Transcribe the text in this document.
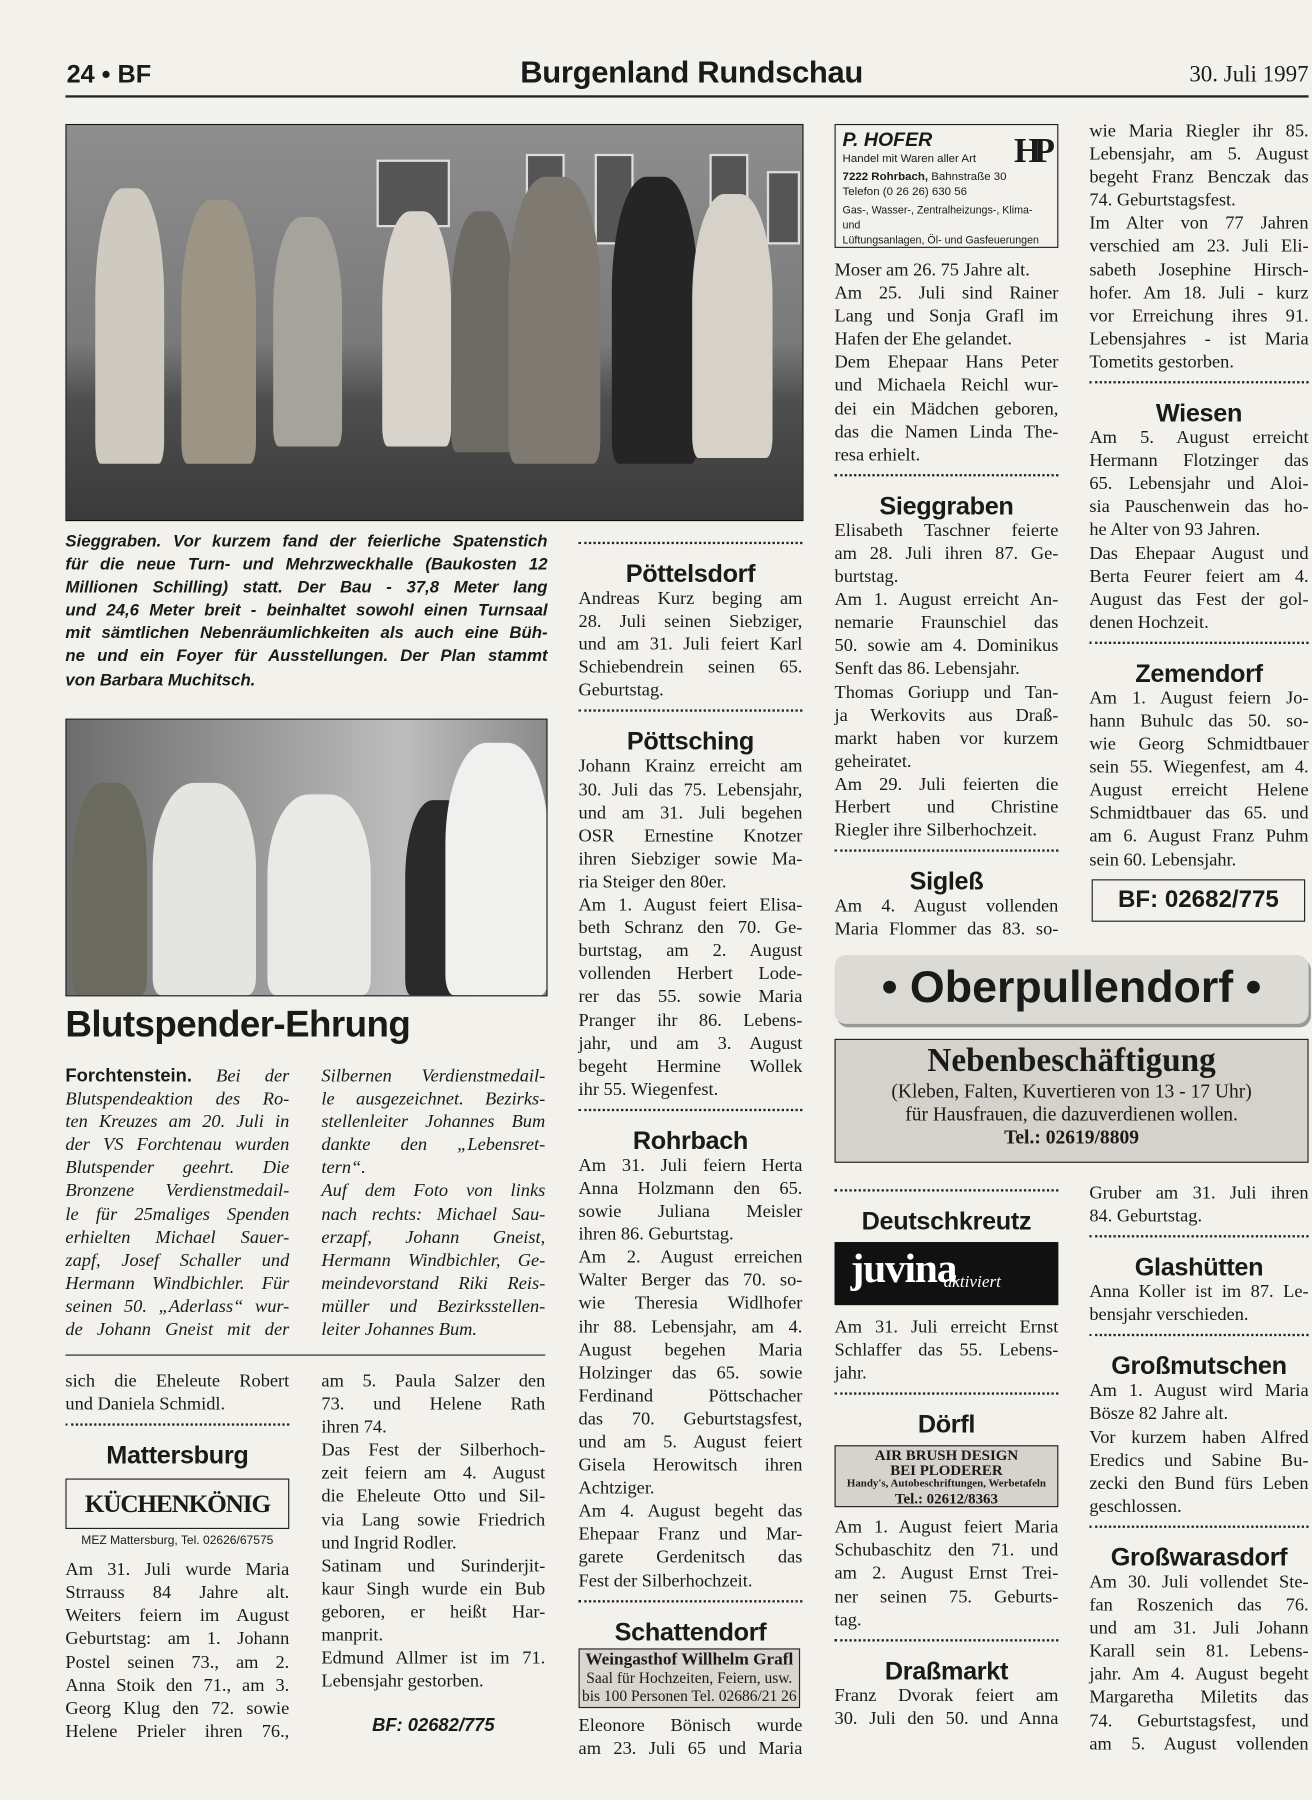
24 • BF	Burgenland Rundschau	30. Juli 1997
Sieggraben. Vor kurzem fand der feierliche Spatenstich
für die neue Turn- und Mehrzweckhalle (Baukosten 12
Millionen Schilling) statt. Der Bau - 37,8 Meter lang
und 24,6 Meter breit - beinhaltet sowohl einen Turnsaal
mit sämtlichen Nebenräumlichkeiten als auch eine Büh-
ne und ein Foyer für Ausstellungen. Der Plan stammt
von Barbara Muchitsch.
Blutspender-Ehrung
Forchtenstein. Bei der
Blutspendeaktion des Ro-
ten Kreuzes am 20. Juli in
der VS Forchtenau wurden
Blutspender geehrt. Die
Bronzene Verdienstmedail-
le für 25maliges Spenden
erhielten Michael Sauer-
zapf, Josef Schaller und
Hermann Windbichler. Für
seinen 50. „Aderlass“ wur-
de Johann Gneist mit der
Silbernen Verdienstmedail-
le ausgezeichnet. Bezirks-
stellenleiter Johannes Bum
dankte den „Lebensret-
tern“.
Auf dem Foto von links
nach rechts: Michael Sau-
erzapf, Johann Gneist,
Hermann Windbichler, Ge-
meindevorstand Riki Reis-
müller und Bezirksstellen-
leiter Johannes Bum.
sich die Eheleute Robert
und Daniela Schmidl.
Mattersburg
KÜCHENKÖNIG
MEZ Mattersburg, Tel. 02626/67575
Am 31. Juli wurde Maria
Strrauss 84 Jahre alt.
Weiters feiern im August
Geburtstag: am 1. Johann
Postel seinen 73., am 2.
Anna Stoik den 71., am 3.
Georg Klug den 72. sowie
Helene Prieler ihren 76.,
am 5. Paula Salzer den
73. und Helene Rath
ihren 74.
Das Fest der Silberhoch-
zeit feiern am 4. August
die Eheleute Otto und Sil-
via Lang sowie Friedrich
und Ingrid Rodler.
Satinam und Surinderjit-
kaur Singh wurde ein Bub
geboren, er heißt Har-
manprit.
Edmund Allmer ist im 71.
Lebensjahr gestorben.
BF: 02682/775
Pöttelsdorf
Andreas Kurz beging am
28. Juli seinen Siebziger,
und am 31. Juli feiert Karl
Schiebendrein seinen 65.
Geburtstag.
Pöttsching
Johann Krainz erreicht am
30. Juli das 75. Lebensjahr,
und am 31. Juli begehen
OSR Ernestine Knotzer
ihren Siebziger sowie Ma-
ria Steiger den 80er.
Am 1. August feiert Elisa-
beth Schranz den 70. Ge-
burtstag, am 2. August
vollenden Herbert Lode-
rer das 55. sowie Maria
Pranger ihr 86. Lebens-
jahr, und am 3. August
begeht Hermine Wollek
ihr 55. Wiegenfest.
Rohrbach
Am 31. Juli feiern Herta
Anna Holzmann den 65.
sowie Juliana Meisler
ihren 86. Geburtstag.
Am 2. August erreichen
Walter Berger das 70. so-
wie Theresia Widlhofer
ihr 88. Lebensjahr, am 4.
August begehen Maria
Holzinger das 65. sowie
Ferdinand Pöttschacher
das 70. Geburtstagsfest,
und am 5. August feiert
Gisela Herowitsch ihren
Achtziger.
Am 4. August begeht das
Ehepaar Franz und Mar-
garete Gerdenitsch das
Fest der Silberhochzeit.
Schattendorf
Weingasthof Willhelm Grafl
Saal für Hochzeiten, Feiern, usw.
bis 100 Personen Tel. 02686/21 26
Eleonore Bönisch wurde
am 23. Juli 65 und Maria
P. HOFER	HP
Handel mit Waren aller Art
7222 Rohrbach, Bahnstraße 30
Telefon (0 26 26) 630 56
Gas-, Wasser-, Zentralheizungs-, Klima- und
Lüftungsanlagen, Öl- und Gasfeuerungen
Moser am 26. 75 Jahre alt.
Am 25. Juli sind Rainer
Lang und Sonja Grafl im
Hafen der Ehe gelandet.
Dem Ehepaar Hans Peter
und Michaela Reichl wur-
dei ein Mädchen geboren,
das die Namen Linda The-
resa erhielt.
Sieggraben
Elisabeth Taschner feierte
am 28. Juli ihren 87. Ge-
burtstag.
Am 1. August erreicht An-
nemarie Fraunschiel das
50. sowie am 4. Dominikus
Senft das 86. Lebensjahr.
Thomas Goriupp und Tan-
ja Werkovits aus Draß-
markt haben vor kurzem
geheiratet.
Am 29. Juli feierten die
Herbert und Christine
Riegler ihre Silberhochzeit.
Sigleß
Am 4. August vollenden
Maria Flommer das 83. so-
wie Maria Riegler ihr 85.
Lebensjahr, am 5. August
begeht Franz Benczak das
74. Geburtstagsfest.
Im Alter von 77 Jahren
verschied am 23. Juli Eli-
sabeth Josephine Hirsch-
hofer. Am 18. Juli - kurz
vor Erreichung ihres 91.
Lebensjahres - ist Maria
Tometits gestorben.
Wiesen
Am 5. August erreicht
Hermann Flotzinger das
65. Lebensjahr und Aloi-
sia Pauschenwein das ho-
he Alter von 93 Jahren.
Das Ehepaar August und
Berta Feurer feiert am 4.
August das Fest der gol-
denen Hochzeit.
Zemendorf
Am 1. August feiern Jo-
hann Buhulc das 50. so-
wie Georg Schmidtbauer
sein 55. Wiegenfest, am 4.
August erreicht Helene
Schmidtbauer das 65. und
am 6. August Franz Puhm
sein 60. Lebensjahr.
BF: 02682/775
• Oberpullendorf •
Nebenbeschäftigung
(Kleben, Falten, Kuvertieren von 13 - 17 Uhr)
für Hausfrauen, die dazuverdienen wollen.
Tel.: 02619/8809
Deutschkreutz
juvina
aktiviert
Am 31. Juli erreicht Ernst
Schlaffer das 55. Lebens-
jahr.
Dörfl
AIR BRUSH DESIGN
BEI PLODERER
Handy's, Autobeschriftungen, Werbetafeln
Tel.: 02612/8363
Am 1. August feiert Maria
Schubaschitz den 71. und
am 2. August Ernst Trei-
ner seinen 75. Geburts-
tag.
Draßmarkt
Franz Dvorak feiert am
30. Juli den 50. und Anna
Gruber am 31. Juli ihren
84. Geburtstag.
Glashütten
Anna Koller ist im 87. Le-
bensjahr verschieden.
Großmutschen
Am 1. August wird Maria
Bösze 82 Jahre alt.
Vor kurzem haben Alfred
Eredics und Sabine Bu-
zecki den Bund fürs Leben
geschlossen.
Großwarasdorf
Am 30. Juli vollendet Ste-
fan Roszenich das 76.
und am 31. Juli Johann
Karall sein 81. Lebens-
jahr. Am 4. August begeht
Margaretha Miletits das
74. Geburtstagsfest, und
am 5. August vollenden
